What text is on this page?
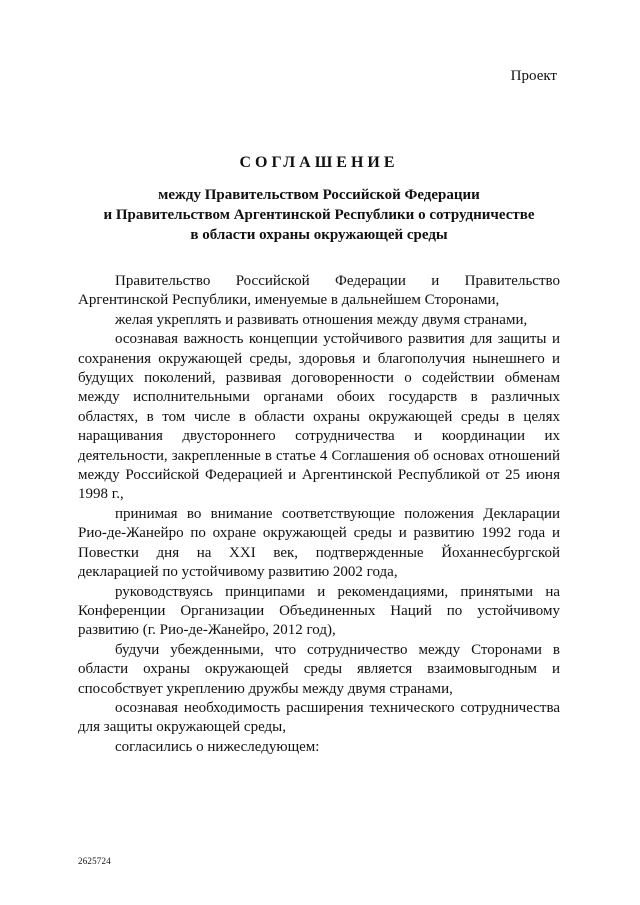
Проект
СОГЛАШЕНИЕ
между Правительством Российской Федерации
и Правительством Аргентинской Республики о сотрудничестве
в области охраны окружающей среды

Правительство Российской Федерации и Правительство Аргентинской Республики, именуемые в дальнейшем Сторонами,

желая укреплять и развивать отношения между двумя странами,

осознавая важность концепции устойчивого развития для защиты и сохранения окружающей среды, здоровья и благополучия нынешнего и будущих поколений, развивая договоренности о содействии обменам между исполнительными органами обоих государств в различных областях, в том числе в области охраны окружающей среды в целях наращивания двустороннего сотрудничества и координации их деятельности, закрепленные в статье 4 Соглашения об основах отношений между Российской Федерацией и Аргентинской Республикой от 25 июня 1998 г.,

принимая во внимание соответствующие положения Декларации Рио-де-Жанейро по охране окружающей среды и развитию 1992 года и Повестки дня на XXI век, подтвержденные Йоханнесбургской декларацией по устойчивому развитию 2002 года,

руководствуясь принципами и рекомендациями, принятыми на Конференции Организации Объединенных Наций по устойчивому развитию (г. Рио-де-Жанейро, 2012 год),

будучи убежденными, что сотрудничество между Сторонами в области охраны окружающей среды является взаимовыгодным и способствует укреплению дружбы между двумя странами,

осознавая необходимость расширения технического сотрудничества для защиты окружающей среды,

согласились о нижеследующем:

2625724
